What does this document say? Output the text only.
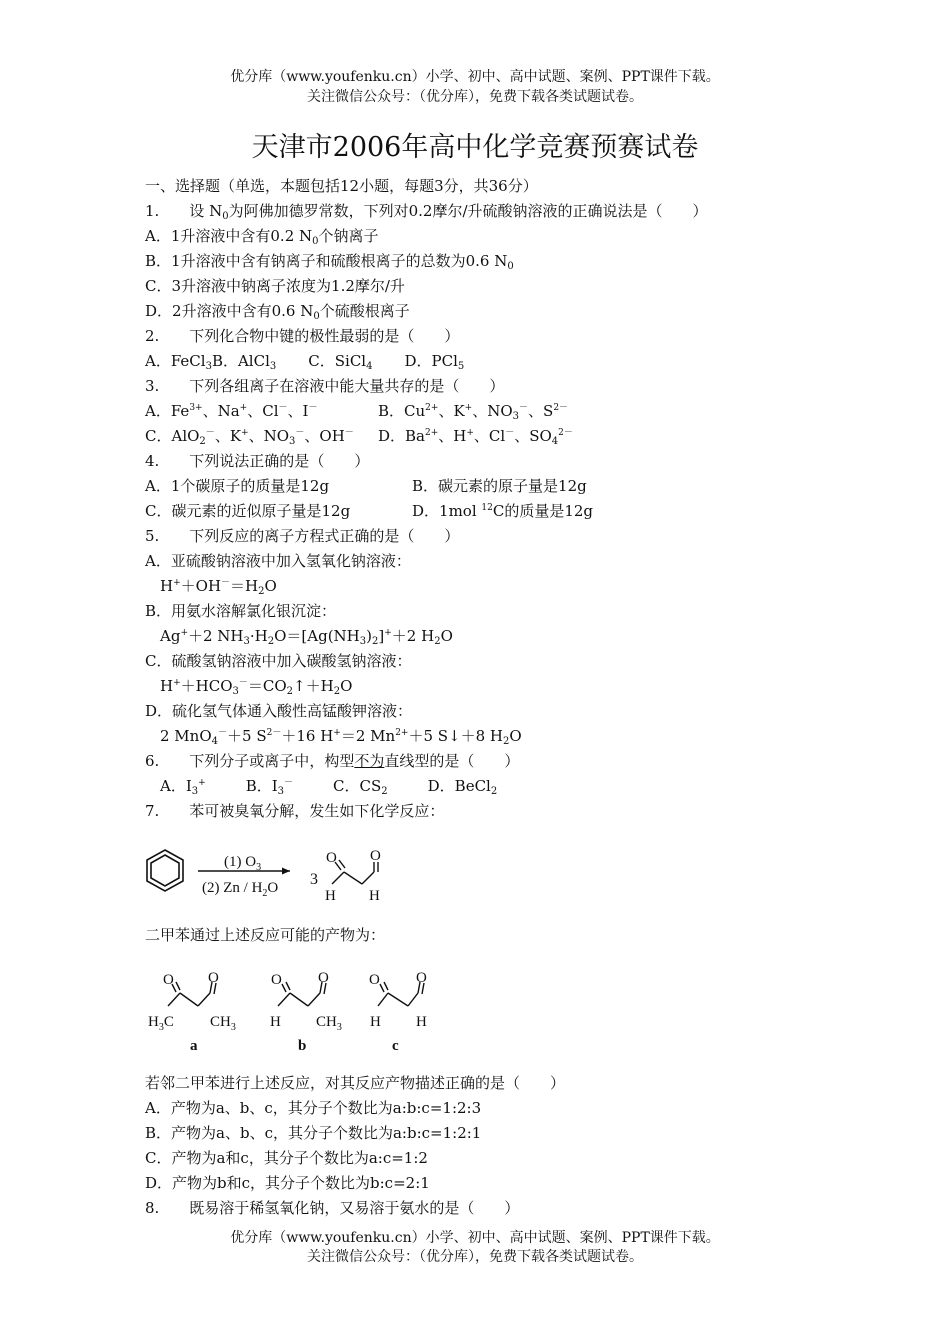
优分库（www.youfenku.cn）小学、初中、高中试题、案例、PPT课件下载。
关注微信公众号：（优分库），免费下载各类试题试卷。
天津市2006年高中化学竞赛预赛试卷
一、选择题（单选，本题包括12小题，每题3分，共36分）
1.　　设 $N_0$为阿佛加德罗常数，下列对0.2摩尔/升硫酸钠溶液的正确说法是（　　）
A．1升溶液中含有0.2 $N_0$个钠离子
B．1升溶液中含有钠离子和硫酸根离子的总数为0.6 $N_0$
C．3升溶液中钠离子浓度为1.2摩尔/升
D．2升溶液中含有0.6 $N_0$个硫酸根离子
2.　　下列化合物中键的极性最弱的是（　　）
A．FeCl$_3$B．AlCl$_3$ C．SiCl$_4$ D．PCl$_5$
3.　　下列各组离子在溶液中能大量共存的是（　　）
A．$Fe^{3+}$、Na+、Cl－、I－	B．$Cu^{2+}$、K+、$NO_3^-$、$S^{2-}$
C．AlO$_2$－、K+、$NO_3^-$、OH－ D．$Ba^{2+}$、H+、Cl－、$SO_4^{2-}$
4.　　下列说法正确的是（　　）
A．1个碳原子的质量是12g	B．碳元素的原子量是12g
C．碳元素的近似原子量是12g	D．1mol $^{12}$C的质量是12g
5.　　下列反应的离子方程式正确的是（　　）
A．亚硫酸钠溶液中加入氢氧化钠溶液：
$H^++OH^-=H_2O$
B．用氨水溶解氯化银沉淀：
Ag+＋2 $NH_3\cdot H_2O=[Ag(NH_3)_2]^++2$ $H_2O$
C．硫酸氢钠溶液中加入碳酸氢钠溶液：
$H^++HCO_3^-=CO_2↑+H_2O$
D．硫化氢气体通入酸性高锰酸钾溶液：
2 MnO$_4$－＋5 $S^{2-}+16$ H+＝2 $Mn^{2+}+5$ S↓＋8 $H_2O$
6.　　下列分子或离子中，构型不为直线型的是（　　）
A．$I_3^+$	B．$I_3^-$	C．$CS_2$	D．BeCl$_2$
7.　　苯可被臭氧分解，发生如下化学反应：
(1) $O_3$
(2) Zn / $H_2O$ 3
O O
H H
二甲苯通过上述反应可能的产物为：
O O
$H_3C$ $CH_3$
O O
H $CH_3$
O O
H H
a	b	c
若邻二甲苯进行上述反应，对其反应产物描述正确的是（　　）
A．产物为a、b、c，其分子个数比为a:b:c=1:2:3
B．产物为a、b、c，其分子个数比为a:b:c=1:2:1
C．产物为a和c，其分子个数比为a:c=1:2
D．产物为b和c，其分子个数比为b:c=2:1
8.　　既易溶于稀氢氧化钠，又易溶于氨水的是（　　）
优分库（www.youfenku.cn）小学、初中、高中试题、案例、PPT课件下载。
关注微信公众号：（优分库），免费下载各类试题试卷。
